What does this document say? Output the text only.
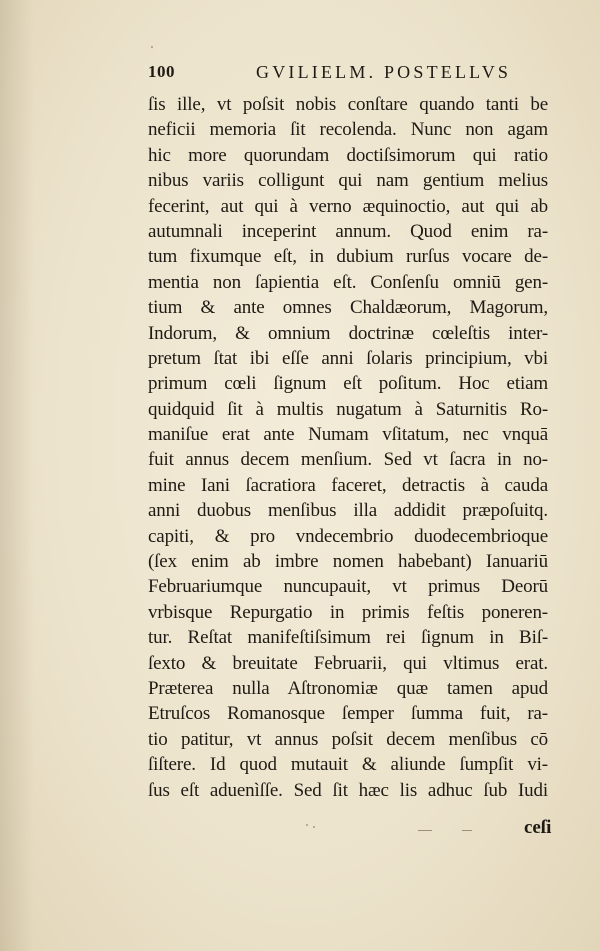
100	GVILIELM. POSTELLVS
ſis ille, vt poſsit nobis conſtare quando tanti be
neficii memoria ſit recolenda. Nunc non agam
hic more quorundam doctiſsimorum qui ratio
nibus variis colligunt qui nam gentium melius
fecerint, aut qui à verno æquinoctio, aut qui ab
autumnali inceperint annum. Quod enim ra-
tum fixumque eſt, in dubium rurſus vocare de-
mentia non ſapientia eſt. Conſenſu omniū gen-
tium & ante omnes Chaldæorum, Magorum,
Indorum, & omnium doctrinæ cœleſtis inter-
pretum ſtat ibi eſſe anni ſolaris principium, vbi
primum cœli ſignum eſt poſitum. Hoc etiam
quidquid ſit à multis nugatum à Saturnitis Ro-
maniſue erat ante Numam vſitatum, nec vnquā
fuit annus decem menſium. Sed vt ſacra in no-
mine Iani ſacratiora faceret, detractis à cauda
anni duobus menſibus illa addidit præpoſuitq.
capiti, & pro vndecembrio duodecembrioque
(ſex enim ab imbre nomen habebant) Ianuariū
Februariumque nuncupauit, vt primus Deorū
vrbisque Repurgatio in primis feſtis poneren-
tur. Reſtat manifeſtiſsimum rei ſignum in Biſ-
ſexto & breuitate Februarii, qui vltimus erat.
Præterea nulla Aſtronomiæ quæ tamen apud
Etruſcos Romanosque ſemper ſumma fuit, ra-
tio patitur, vt annus poſsit decem menſibus cō
ſiſtere. Id quod mutauit & aliunde ſumpſit vi-
ſus eſt aduenìſſe. Sed ſit hæc lis adhuc ſub Iudi
ceſi
